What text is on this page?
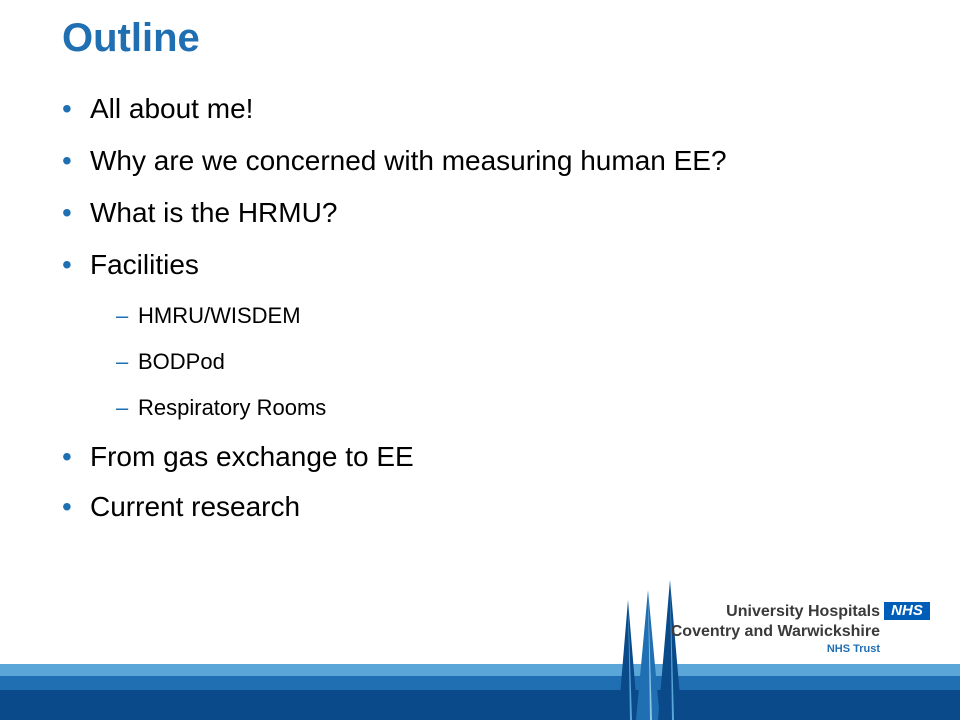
Outline
• All about me!
• Why are we concerned with measuring human EE?
• What is the HRMU?
• Facilities
– HMRU/WISDEM
– BODPod
– Respiratory Rooms
• From gas exchange to EE
• Current research
University Hospitals
Coventry and Warwickshire
NHS Trust
NHS
